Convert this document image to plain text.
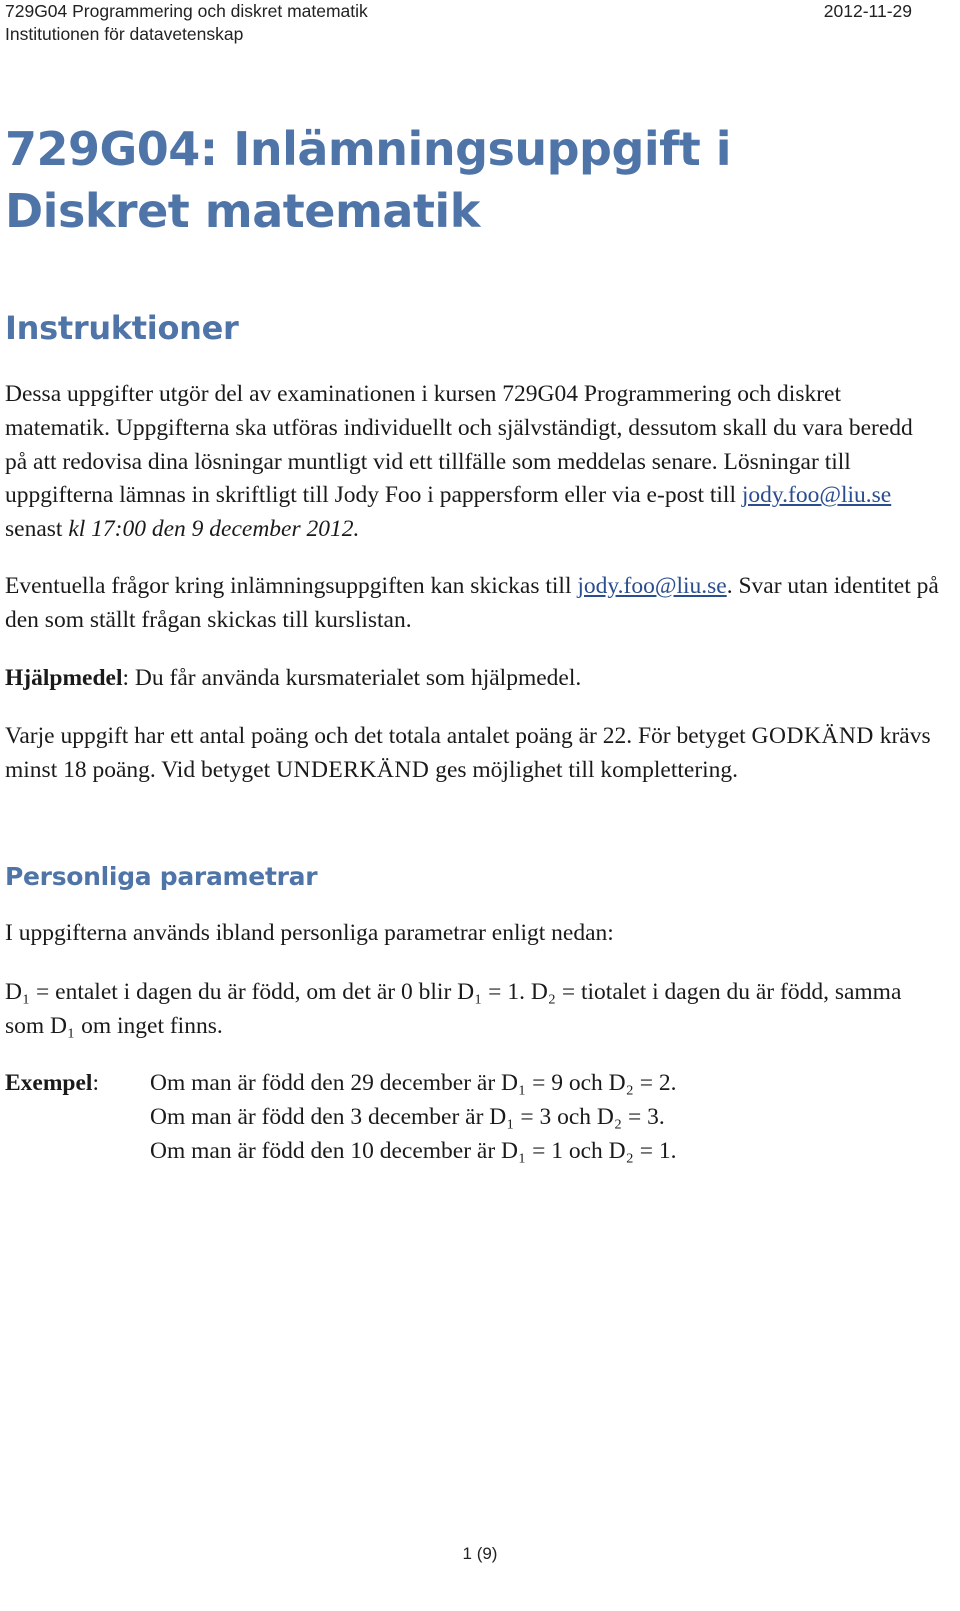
729G04 Programmering och diskret matematik
Institutionen för datavetenskap
2012-11-29
729G04: Inlämningsuppgift i Diskret matematik
Instruktioner

Dessa uppgifter utgör del av examinationen i kursen 729G04 Programmering och diskret matematik. Uppgifterna ska utföras individuellt och självständigt, dessutom skall du vara beredd på att redovisa dina lösningar muntligt vid ett tillfälle som meddelas senare. Lösningar till uppgifterna lämnas in skriftligt till Jody Foo i pappersform eller via e-post till jody.foo@liu.se senast kl 17:00 den 9 december 2012.

Eventuella frågor kring inlämningsuppgiften kan skickas till jody.foo@liu.se. Svar utan identitet på den som ställt frågan skickas till kurslistan.

Hjälpmedel: Du får använda kursmaterialet som hjälpmedel.

Varje uppgift har ett antal poäng och det totala antalet poäng är 22. För betyget GODKÄND krävs minst 18 poäng. Vid betyget UNDERKÄND ges möjlighet till komplettering.

Personliga parametrar

I uppgifterna används ibland personliga parametrar enligt nedan:

D₁ = entalet i dagen du är född, om det är 0 blir D₁ = 1. D₂ = tiotalet i dagen du är född, samma som D₁ om inget finns.

Exempel: Om man är född den 29 december är D₁ = 9 och D₂ = 2.
Om man är född den 3 december är D₁ = 3 och D₂ = 3.
Om man är född den 10 december är D₁ = 1 och D₂ = 1.
1 (9)
